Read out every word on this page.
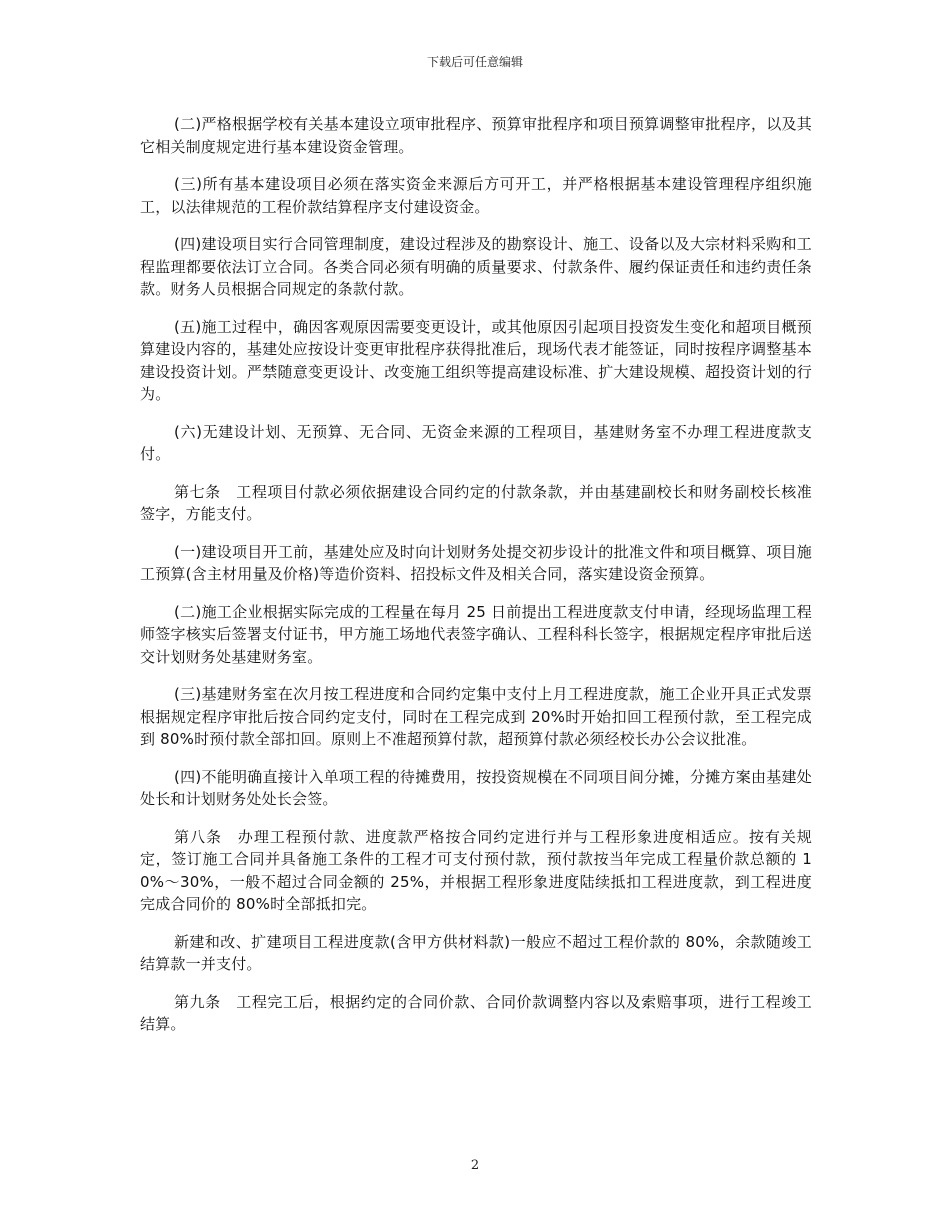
下载后可任意编辑

(二)严格根据学校有关基本建设立项审批程序、预算审批程序和项目预算调整审批程序，以及其它相关制度规定进行基本建设资金管理。

(三)所有基本建设项目必须在落实资金来源后方可开工，并严格根据基本建设管理程序组织施工，以法律规范的工程价款结算程序支付建设资金。

(四)建设项目实行合同管理制度，建设过程涉及的勘察设计、施工、设备以及大宗材料采购和工程监理都要依法订立合同。各类合同必须有明确的质量要求、付款条件、履约保证责任和违约责任条款。财务人员根据合同规定的条款付款。

(五)施工过程中，确因客观原因需要变更设计，或其他原因引起项目投资发生变化和超项目概预算建设内容的，基建处应按设计变更审批程序获得批准后，现场代表才能签证，同时按程序调整基本建设投资计划。严禁随意变更设计、改变施工组织等提高建设标准、扩大建设规模、超投资计划的行为。

(六)无建设计划、无预算、无合同、无资金来源的工程项目，基建财务室不办理工程进度款支付。

第七条　工程项目付款必须依据建设合同约定的付款条款，并由基建副校长和财务副校长核准签字，方能支付。

(一)建设项目开工前，基建处应及时向计划财务处提交初步设计的批准文件和项目概算、项目施工预算(含主材用量及价格)等造价资料、招投标文件及相关合同，落实建设资金预算。

(二)施工企业根据实际完成的工程量在每月 25 日前提出工程进度款支付申请，经现场监理工程师签字核实后签署支付证书，甲方施工场地代表签字确认、工程科科长签字，根据规定程序审批后送交计划财务处基建财务室。

(三)基建财务室在次月按工程进度和合同约定集中支付上月工程进度款，施工企业开具正式发票根据规定程序审批后按合同约定支付，同时在工程完成到 20%时开始扣回工程预付款，至工程完成到 80%时预付款全部扣回。原则上不准超预算付款，超预算付款必须经校长办公会议批准。

(四)不能明确直接计入单项工程的待摊费用，按投资规模在不同项目间分摊，分摊方案由基建处处长和计划财务处处长会签。

第八条　办理工程预付款、进度款严格按合同约定进行并与工程形象进度相适应。按有关规定，签订施工合同并具备施工条件的工程才可支付预付款，预付款按当年完成工程量价款总额的 10%～30%，一般不超过合同金额的 25%，并根据工程形象进度陆续抵扣工程进度款，到工程进度完成合同价的 80%时全部抵扣完。

新建和改、扩建项目工程进度款(含甲方供材料款)一般应不超过工程价款的 80%，余款随竣工结算款一并支付。

第九条　工程完工后，根据约定的合同价款、合同价款调整内容以及索赔事项，进行工程竣工结算。

2
